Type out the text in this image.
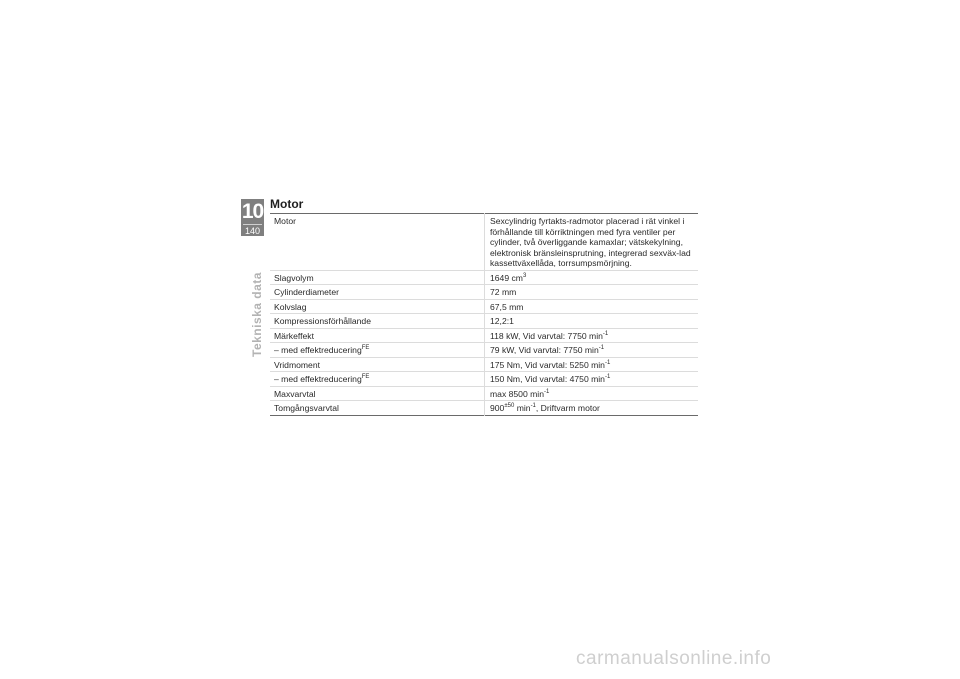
10
140
Tekniska data
Motor
Motor	Sexcylindrig fyrtakts-radmotor placerad i rät vinkel i förhållande till körriktningen med fyra ventiler per cylinder, två överliggande kamaxlar; vätskekylning, elektronisk bränsleinsprutning, integrerad sexväx-lad kassettväxellåda, torrsumpsmörjning.
Slagvolym	1649 $cm^3$
Cylinderdiameter	72 mm
Kolvslag	67,5 mm
Kompressionsförhållande	12,2:1
Märkeffekt	118 kW, Vid varvtal: 7750 $\min^{-1}$
– med effektreducering$^{FE}$	79 kW, Vid varvtal: 7750 $\min^{-1}$
Vridmoment	175 Nm, Vid varvtal: 5250 $\min^{-1}$
– med effektreducering$^{FE}$	150 Nm, Vid varvtal: 4750 $\min^{-1}$
Maxvarvtal	max 8500 $\min^{-1}$
Tomgångsvarvtal	$900^{\pm 50}$ $\min^{-1}$, Driftvarm motor
carmanualsonline.info
